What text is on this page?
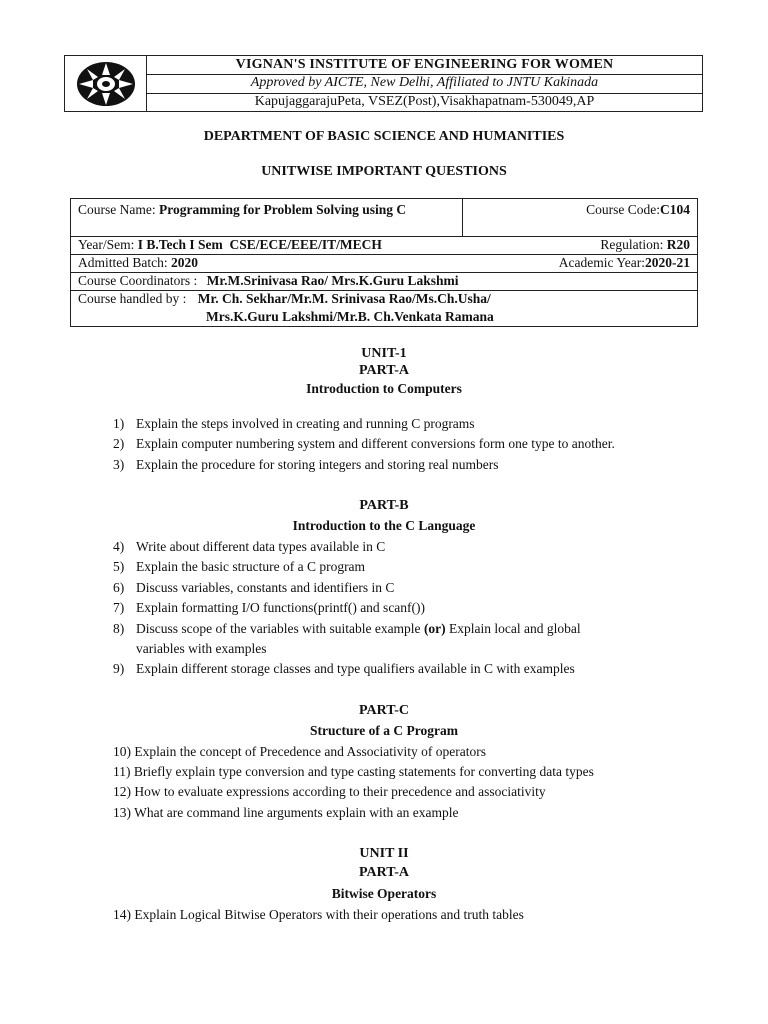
VIGNAN'S INSTITUTE OF ENGINEERING FOR WOMEN
Approved by AICTE, New Delhi, Affiliated to JNTU Kakinada
KapujaggarajuPeta, VSEZ(Post),Visakhapatnam-530049,AP
DEPARTMENT OF BASIC SCIENCE AND HUMANITIES
UNITWISE IMPORTANT QUESTIONS
Course Name: Programming for Problem Solving using C	Course Code:C104
Year/Sem: I B.Tech I Sem  CSE/ECE/EEE/IT/MECH	Regulation: R20
Admitted Batch: 2020	Academic Year:2020-21
Course Coordinators : Mr.M.Srinivasa Rao/ Mrs.K.Guru Lakshmi
Course handled by : Mr. Ch. Sekhar/Mr.M. Srinivasa Rao/Ms.Ch.Usha/
Mrs.K.Guru Lakshmi/Mr.B. Ch.Venkata Ramana
UNIT-1
PART-A
Introduction to Computers
1) Explain the steps involved in creating and running C programs
2) Explain computer numbering system and different conversions form one type to another.
3) Explain the procedure for storing integers and storing real numbers
PART-B
Introduction to the C Language
4) Write about different data types available in C
5) Explain the basic structure of a C program
6) Discuss variables, constants and identifiers in C
7) Explain formatting I/O functions(printf() and scanf())
8) Discuss scope of the variables with suitable example (or) Explain local and global
variables with examples
9) Explain different storage classes and type qualifiers available in C with examples
PART-C
Structure of a C Program
10) Explain the concept of Precedence and Associativity of operators
11) Briefly explain type conversion and type casting statements for converting data types
12) How to evaluate expressions according to their precedence and associativity
13) What are command line arguments explain with an example
UNIT II
PART-A
Bitwise Operators
14) Explain Logical Bitwise Operators with their operations and truth tables
